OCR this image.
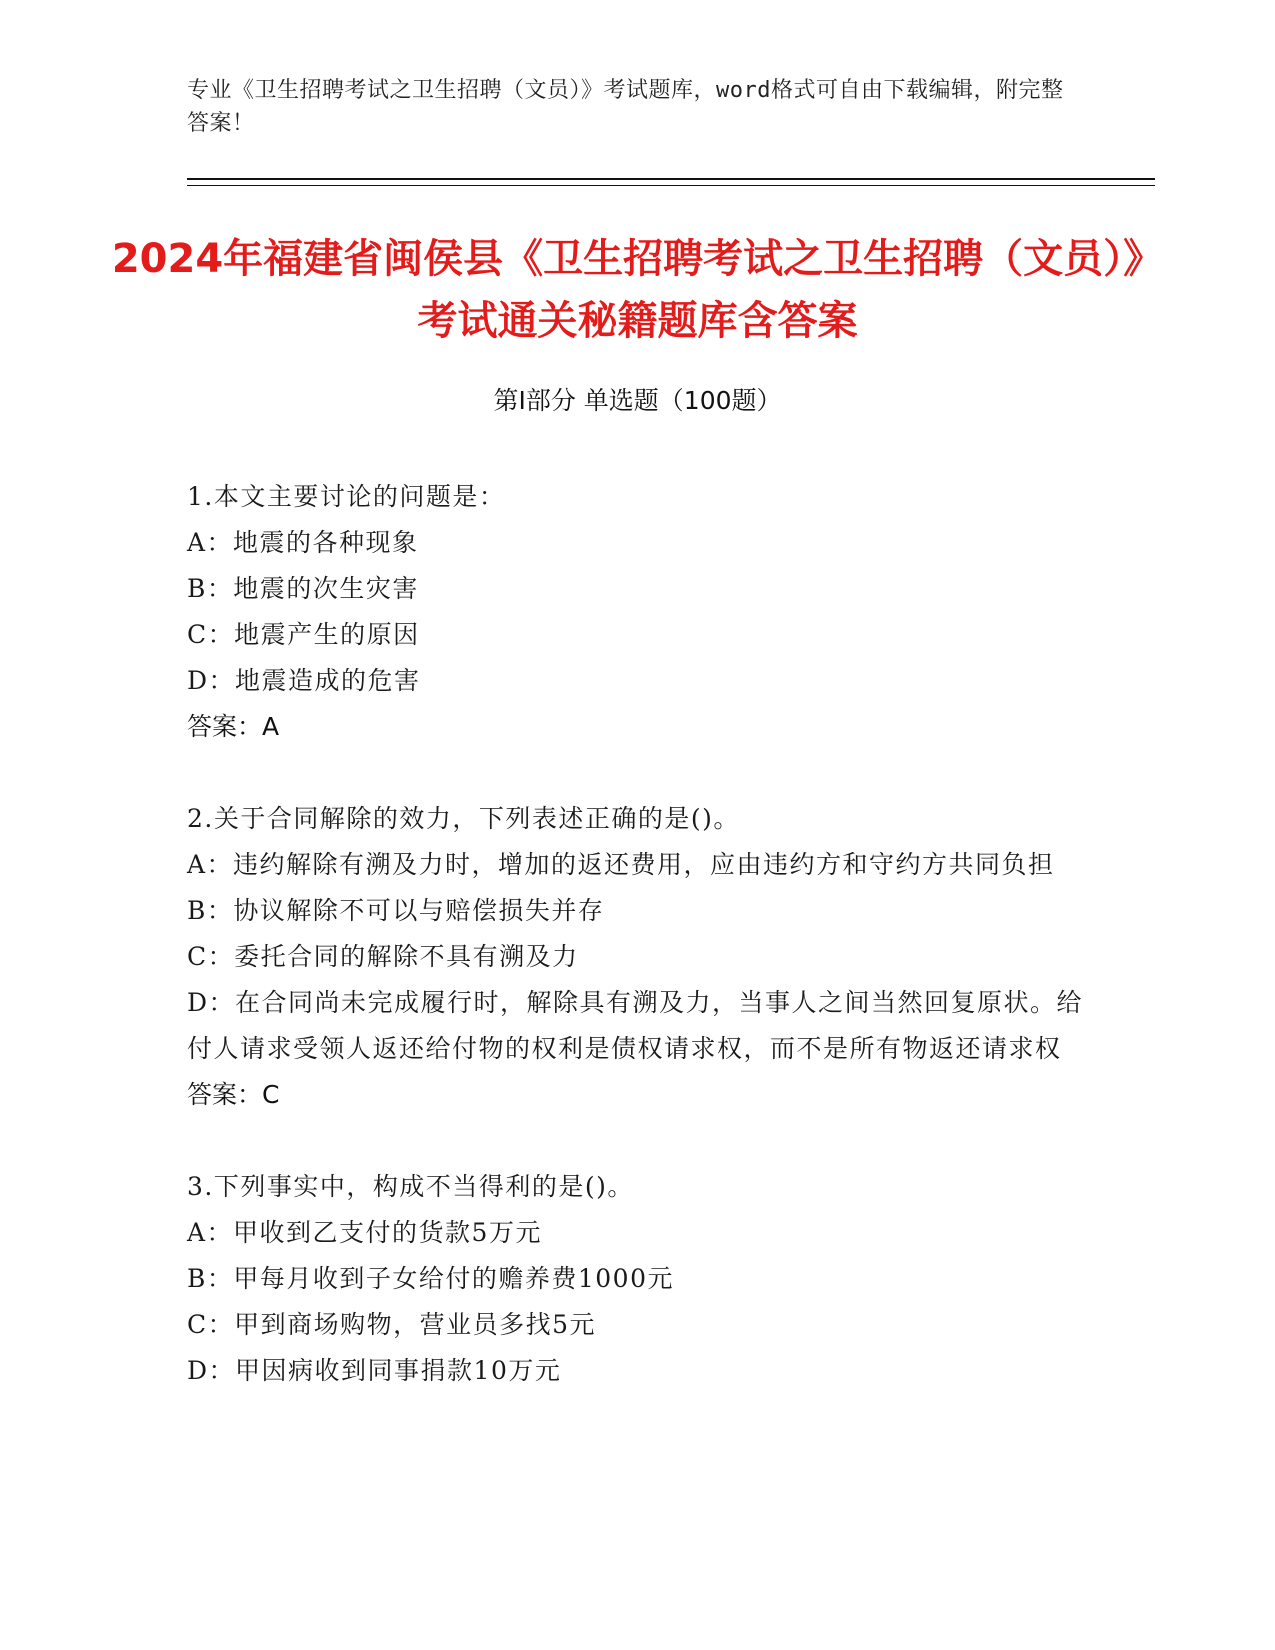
专业《卫生招聘考试之卫生招聘（文员）》考试题库，word格式可自由下载编辑，附完整答案！
2024年福建省闽侯县《卫生招聘考试之卫生招聘（文员）》考试通关秘籍题库含答案
第I部分 单选题（100题）

1.本文主要讨论的问题是：

A：地震的各种现象

B：地震的次生灾害

C：地震产生的原因

D：地震造成的危害

答案：A

2.关于合同解除的效力，下列表述正确的是()。

A：违约解除有溯及力时，增加的返还费用，应由违约方和守约方共同负担

B：协议解除不可以与赔偿损失并存

C：委托合同的解除不具有溯及力

D：在合同尚未完成履行时，解除具有溯及力，当事人之间当然回复原状。给付人请求受领人返还给付物的权利是债权请求权，而不是所有物返还请求权

答案：C

3.下列事实中，构成不当得利的是()。

A：甲收到乙支付的货款5万元

B：甲每月收到子女给付的赡养费1000元

C：甲到商场购物，营业员多找5元

D：甲因病收到同事捐款10万元
